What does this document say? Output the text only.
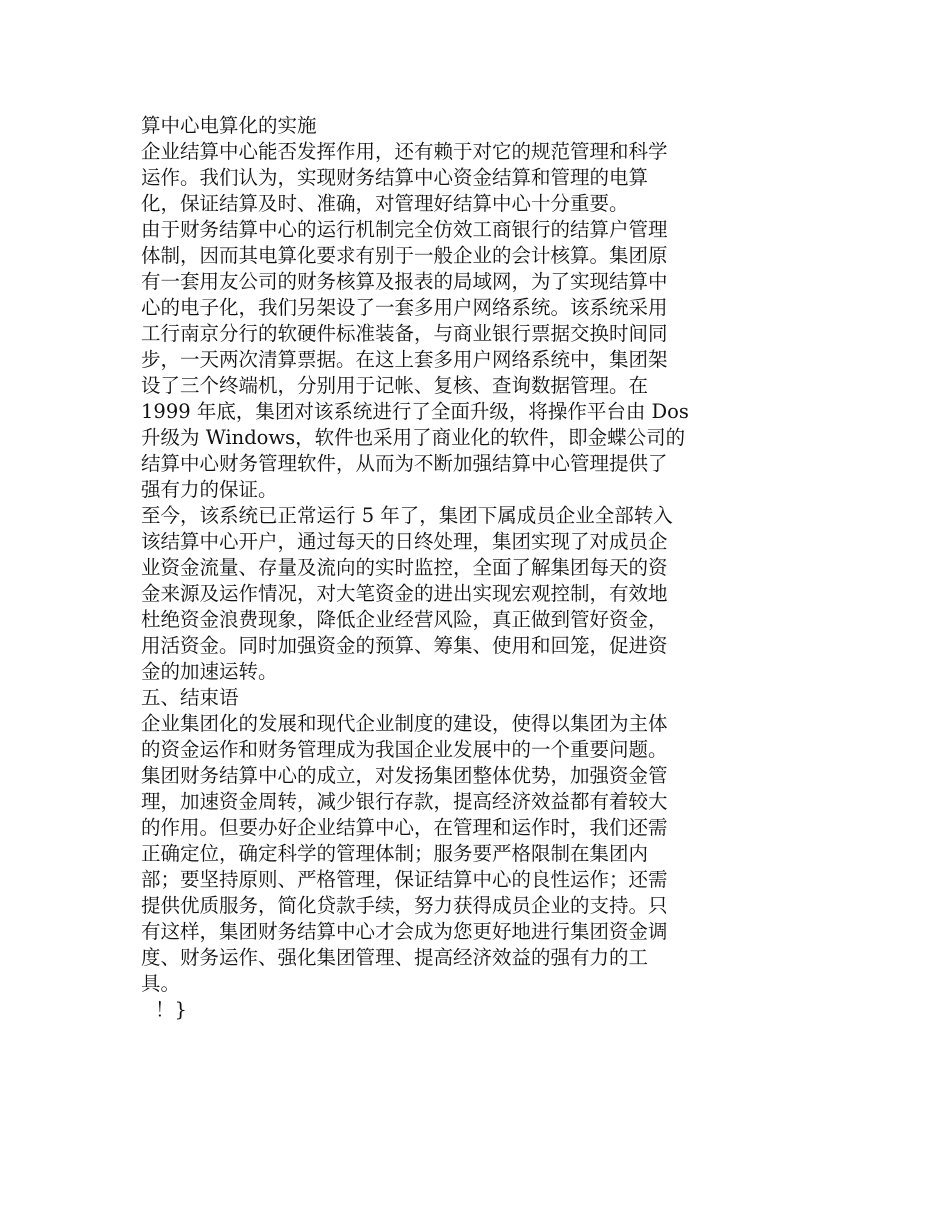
算中心电算化的实施
企业结算中心能否发挥作用，还有赖于对它的规范管理和科学
运作。我们认为，实现财务结算中心资金结算和管理的电算
化，保证结算及时、准确，对管理好结算中心十分重要。
由于财务结算中心的运行机制完全仿效工商银行的结算户管理
体制，因而其电算化要求有别于一般企业的会计核算。集团原
有一套用友公司的财务核算及报表的局域网，为了实现结算中
心的电子化，我们另架设了一套多用户网络系统。该系统采用
工行南京分行的软硬件标准装备，与商业银行票据交换时间同
步，一天两次清算票据。在这上套多用户网络系统中，集团架
设了三个终端机，分别用于记帐、复核、查询数据管理。在
1999 年底，集团对该系统进行了全面升级，将操作平台由 Dos
升级为 Windows，软件也采用了商业化的软件，即金蝶公司的
结算中心财务管理软件，从而为不断加强结算中心管理提供了
强有力的保证。
至今，该系统已正常运行 5 年了，集团下属成员企业全部转入
该结算中心开户，通过每天的日终处理，集团实现了对成员企
业资金流量、存量及流向的实时监控，全面了解集团每天的资
金来源及运作情况，对大笔资金的进出实现宏观控制，有效地
杜绝资金浪费现象，降低企业经营风险，真正做到管好资金，
用活资金。同时加强资金的预算、筹集、使用和回笼，促进资
金的加速运转。
五、结束语
企业集团化的发展和现代企业制度的建设，使得以集团为主体
的资金运作和财务管理成为我国企业发展中的一个重要问题。
集团财务结算中心的成立，对发扬集团整体优势，加强资金管
理，加速资金周转，减少银行存款，提高经济效益都有着较大
的作用。但要办好企业结算中心，在管理和运作时，我们还需
正确定位，确定科学的管理体制；服务要严格限制在集团内
部；要坚持原则、严格管理，保证结算中心的良性运作；还需
提供优质服务，简化贷款手续，努力获得成员企业的支持。只
有这样，集团财务结算中心才会成为您更好地进行集团资金调
度、财务运作、强化集团管理、提高经济效益的强有力的工
具。
！}
